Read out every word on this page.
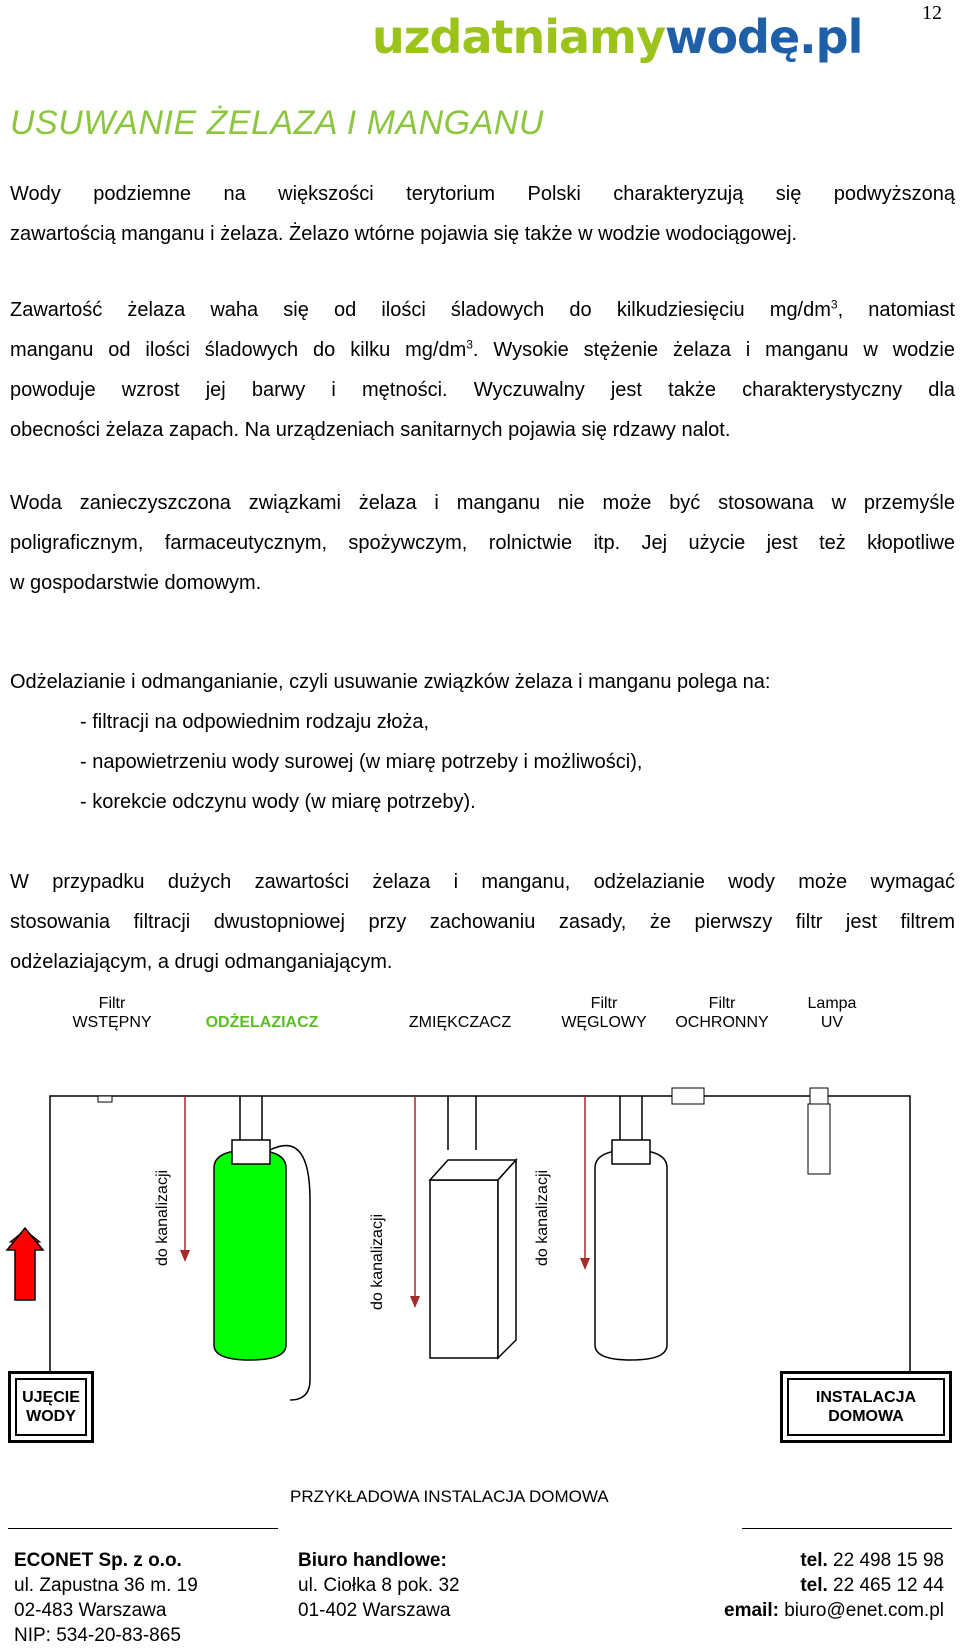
12
uzdatniamywodę.pl
USUWANIE ŻELAZA I MANGANU
Wody podziemne na większości terytorium Polski charakteryzują się podwyższoną
zawartością manganu i żelaza. Żelazo wtórne pojawia się także w wodzie wodociągowej.
Zawartość żelaza waha się od ilości śladowych do kilkudziesięciu $mg/dm^3$, natomiast
manganu od ilości śladowych do kilku $mg/dm^3$. Wysokie stężenie żelaza i manganu w wodzie
powoduje wzrost jej barwy i mętności. Wyczuwalny jest także charakterystyczny dla
obecności żelaza zapach. Na urządzeniach sanitarnych pojawia się rdzawy nalot.
Woda zanieczyszczona związkami żelaza i manganu nie może być stosowana w przemyśle
poligraficznym, farmaceutycznym, spożywczym, rolnictwie itp. Jej użycie jest też kłopotliwe
w gospodarstwie domowym.
Odżelazianie i odmanganianie, czyli usuwanie związków żelaza i manganu polega na:
- filtracji na odpowiednim rodzaju złoża,
- napowietrzeniu wody surowej (w miarę potrzeby i możliwości),
- korekcie odczynu wody (w miarę potrzeby).
W przypadku dużych zawartości żelaza i manganu, odżelazianie wody może wymagać
stosowania filtracji dwustopniowej przy zachowaniu zasady, że pierwszy filtr jest filtrem
odżelaziającym, a drugi odmanganiającym.
Filtr
WSTĘPNY	ODŻELAZIACZ	ZMIĘKCZACZ
Filtr
WĘGLOWY
Filtr
OCHRONNY
Lampa
UV
do kanalizacji	do kanalizacji	do kanalizacji
UJĘCIE
WODY
INSTALACJA
DOMOWA
PRZYKŁADOWA INSTALACJA DOMOWA
ECONET Sp. z o.o.
ul. Zapustna 36 m. 19
02-483 Warszawa
NIP: 534-20-83-865
Biuro handlowe:
ul. Ciołka 8 pok. 32
01-402 Warszawa
tel. 22 498 15 98
tel. 22 465 12 44
email: biuro@enet.com.pl
